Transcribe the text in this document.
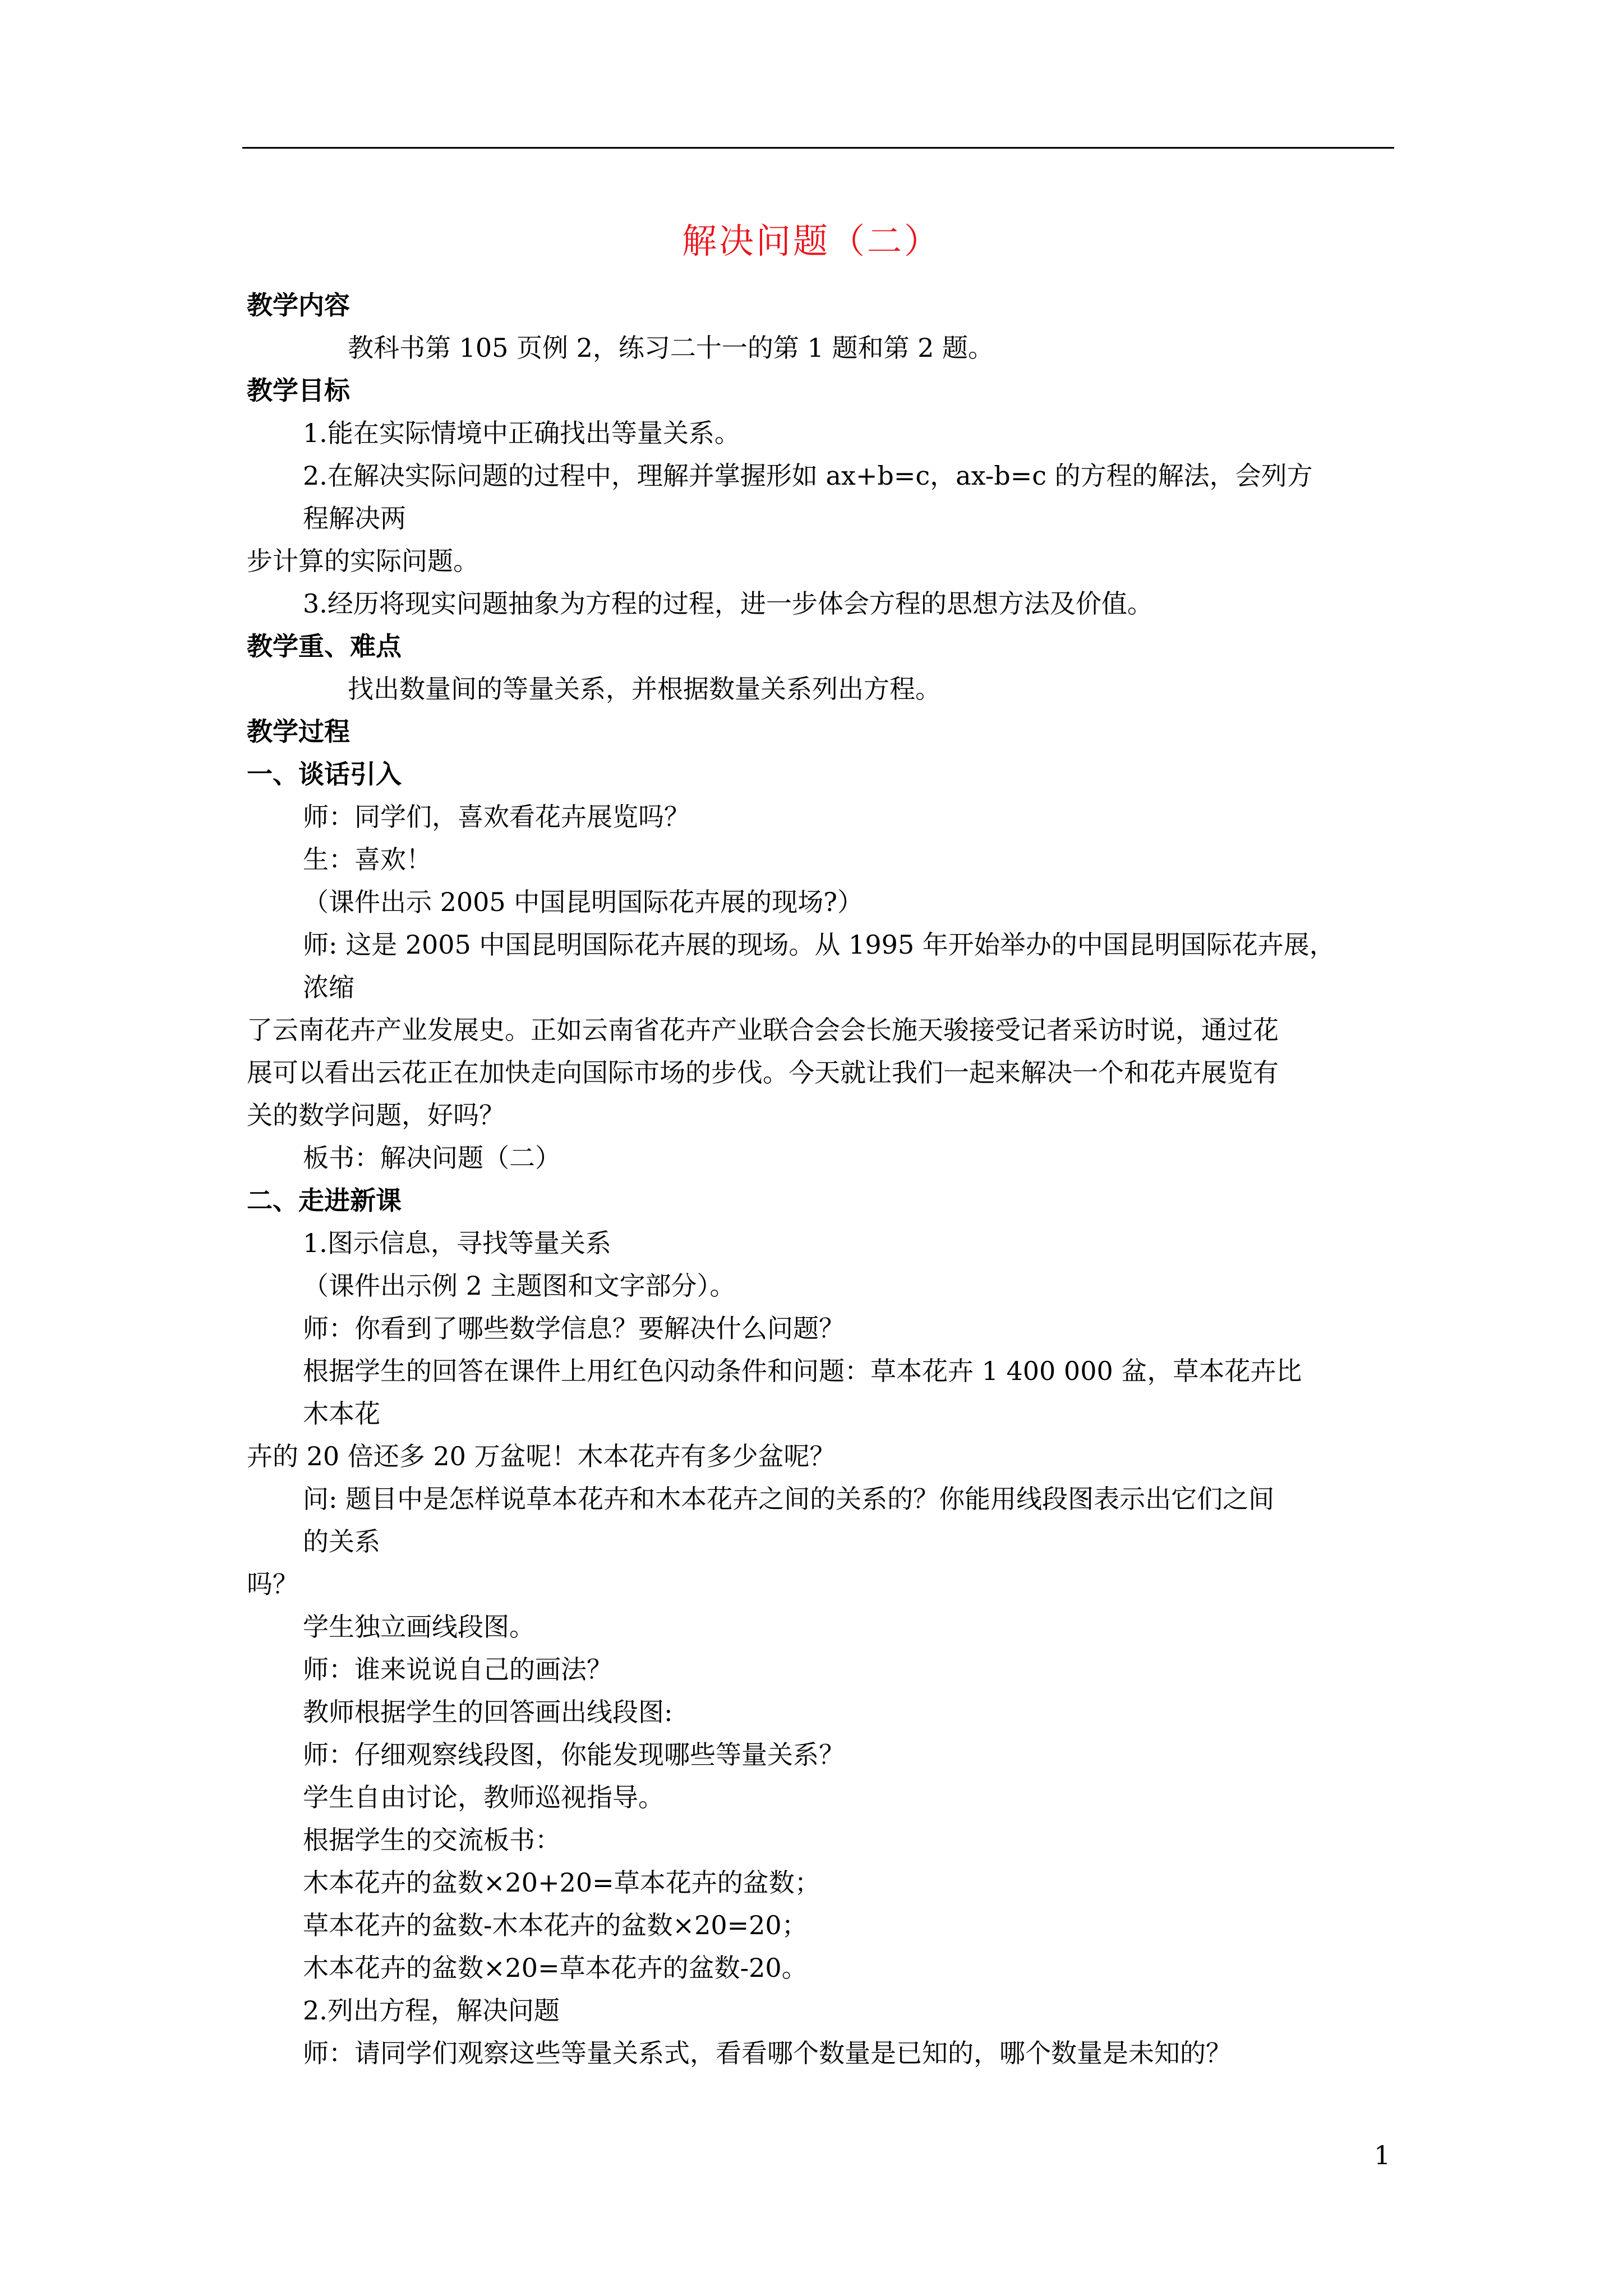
解决问题（二）
教学内容
教科书第 105 页例 2，练习二十一的第 1 题和第 2 题。
教学目标
1.能在实际情境中正确找出等量关系。
2.在解决实际问题的过程中，理解并掌握形如 ax+b=c，ax-b=c 的方程的解法，会列方
程解决两
步计算的实际问题。
3.经历将现实问题抽象为方程的过程，进一步体会方程的思想方法及价值。
教学重、难点
找出数量间的等量关系，并根据数量关系列出方程。
教学过程
一、谈话引入
师：同学们，喜欢看花卉展览吗？
生：喜欢！
（课件出示 2005 中国昆明国际花卉展的现场?）
师: 这是 2005 中国昆明国际花卉展的现场。从 1995 年开始举办的中国昆明国际花卉展，
浓缩
了云南花卉产业发展史。正如云南省花卉产业联合会会长施天骏接受记者采访时说，通过花
展可以看出云花正在加快走向国际市场的步伐。今天就让我们一起来解决一个和花卉展览有
关的数学问题，好吗？
板书：解决问题（二）
二、走进新课
1.图示信息，寻找等量关系
（课件出示例 2 主题图和文字部分）。
师：你看到了哪些数学信息？要解决什么问题？
根据学生的回答在课件上用红色闪动条件和问题：草本花卉 1 400 000 盆，草本花卉比
木本花
卉的 20 倍还多 20 万盆呢！木本花卉有多少盆呢？
问: 题目中是怎样说草本花卉和木本花卉之间的关系的？你能用线段图表示出它们之间
的关系
吗？
学生独立画线段图。
师：谁来说说自己的画法？
教师根据学生的回答画出线段图:
师：仔细观察线段图，你能发现哪些等量关系？
学生自由讨论，教师巡视指导。
根据学生的交流板书：
木本花卉的盆数×20+20=草本花卉的盆数；
草本花卉的盆数-木本花卉的盆数×20=20；
木本花卉的盆数×20=草本花卉的盆数-20。
2.列出方程，解决问题
师：请同学们观察这些等量关系式，看看哪个数量是已知的，哪个数量是未知的？
1
